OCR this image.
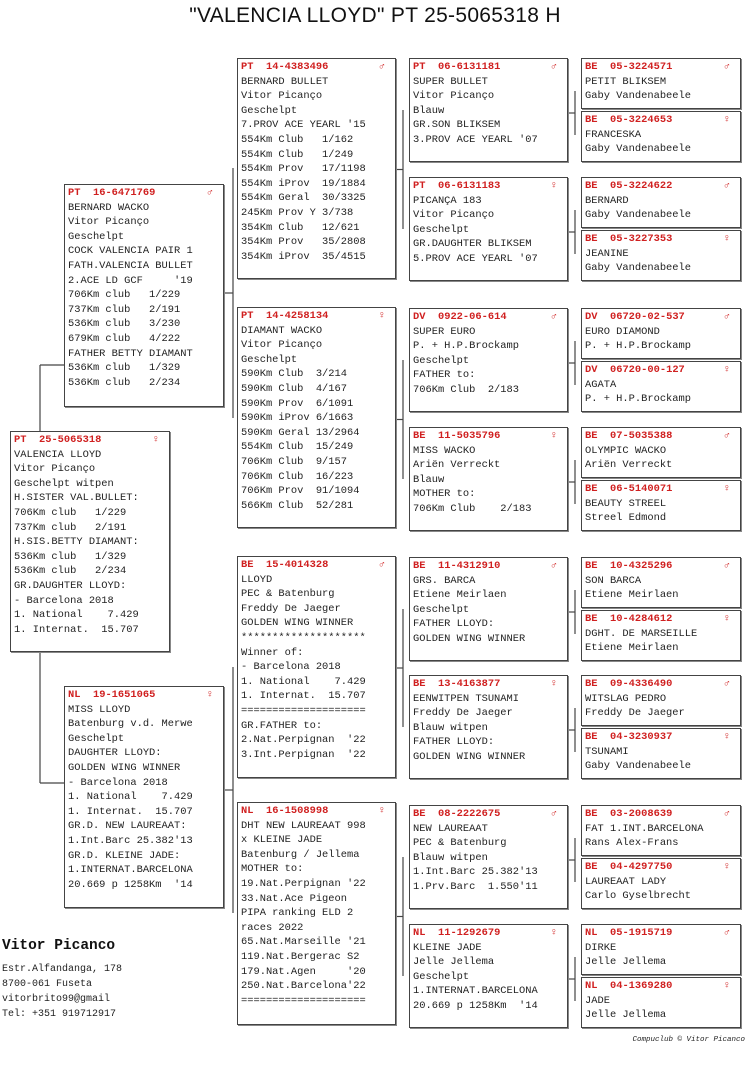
"VALENCIA LLOYD" PT 25-5065318 H
PT 25-5065318	♀
VALENCIA LLOYD
Vitor Picanço
Geschelpt witpen
H.SISTER VAL.BULLET:
706Km club   1/229
737Km club   2/191
H.SIS.BETTY DIAMANT:
536Km club   1/329
536Km club   2/234
GR.DAUGHTER LLOYD:
- Barcelona 2018
1. National    7.429
1. Internat.  15.707
PT 16-6471769	♂
BERNARD WACKO
Vitor Picanço
Geschelpt
COCK VALENCIA PAIR 1
FATH.VALENCIA BULLET
2.ACE LD GCF     '19
706Km club   1/229
737Km club   2/191
536Km club   3/230
679Km club   4/222
FATHER BETTY DIAMANT
536Km club   1/329
536Km club   2/234
NL 19-1651065	♀
MISS LLOYD
Batenburg v.d. Merwe
Geschelpt
DAUGHTER LLOYD:
GOLDEN WING WINNER
- Barcelona 2018
1. National    7.429
1. Internat.  15.707
GR.D. NEW LAUREAAT:
1.Int.Barc 25.382'13
GR.D. KLEINE JADE:
1.INTERNAT.BARCELONA
20.669 p 1258Km  '14
PT 14-4383496	♂
BERNARD BULLET
Vitor Picanço
Geschelpt
7.PROV ACE YEARL '15
554Km Club   1/162
554Km Club   1/249
554Km Prov   17/1198
554Km iProv  19/1884
554Km Geral  30/3325
245Km Prov Y 3/738
354Km Club   12/621
354Km Prov   35/2808
354Km iProv  35/4515
PT 14-4258134	♀
DIAMANT WACKO
Vitor Picanço
Geschelpt
590Km Club  3/214
590Km Club  4/167
590Km Prov  6/1091
590Km iProv 6/1663
590Km Geral 13/2964
554Km Club  15/249
706Km Club  9/157
706Km Club  16/223
706Km Prov  91/1094
566Km Club  52/281
BE 15-4014328	♂
LLOYD
PEC & Batenburg
Freddy De Jaeger
GOLDEN WING WINNER
********************
Winner of:
- Barcelona 2018
1. National    7.429
1. Internat.  15.707
====================
GR.FATHER to:
2.Nat.Perpignan  '22
3.Int.Perpignan  '22
NL 16-1508998	♀
DHT NEW LAUREAAT 998
x KLEINE JADE
Batenburg / Jellema
MOTHER to:
19.Nat.Perpignan '22
33.Nat.Ace Pigeon
PIPA ranking ELD 2
races 2022
65.Nat.Marseille '21
119.Nat.Bergerac S2
179.Nat.Agen     '20
250.Nat.Barcelona'22
====================
PT 06-6131181	♂
SUPER BULLET
Vitor Picanço
Blauw
GR.SON BLIKSEM
3.PROV ACE YEARL '07
PT 06-6131183	♀
PICANÇA 183
Vitor Picanço
Geschelpt
GR.DAUGHTER BLIKSEM
5.PROV ACE YEARL '07
DV 0922-06-614	♂
SUPER EURO
P. + H.P.Brockamp
Geschelpt
FATHER to:
706Km Club  2/183
BE 11-5035796	♀
MISS WACKO
Ariën Verreckt
Blauw
MOTHER to:
706Km Club    2/183
BE 11-4312910	♂
GRS. BARCA
Etiene Meirlaen
Geschelpt
FATHER LLOYD:
GOLDEN WING WINNER
BE 13-4163877	♀
EENWITPEN TSUNAMI
Freddy De Jaeger
Blauw witpen
FATHER LLOYD:
GOLDEN WING WINNER
BE 08-2222675	♂
NEW LAUREAAT
PEC & Batenburg
Blauw witpen
1.Int.Barc 25.382'13
1.Prv.Barc  1.550'11
NL 11-1292679	♀
KLEINE JADE
Jelle Jellema
Geschelpt
1.INTERNAT.BARCELONA
20.669 p 1258Km  '14
BE 05-3224571	♂
PETIT BLIKSEM
Gaby Vandenabeele
BE 05-3224653	♀
FRANCESKA
Gaby Vandenabeele
BE 05-3224622	♂
BERNARD
Gaby Vandenabeele
BE 05-3227353	♀
JEANINE
Gaby Vandenabeele
DV 06720-02-537	♂
EURO DIAMOND
P. + H.P.Brockamp
DV 06720-00-127	♀
AGATA
P. + H.P.Brockamp
BE 07-5035388	♂
OLYMPIC WACKO
Ariën Verreckt
BE 06-5140071	♀
BEAUTY STREEL
Streel Edmond
BE 10-4325296	♂
SON BARCA
Etiene Meirlaen
BE 10-4284612	♀
DGHT. DE MARSEILLE
Etiene Meirlaen
BE 09-4336490	♂
WITSLAG PEDRO
Freddy De Jaeger
BE 04-3230937	♀
TSUNAMI
Gaby Vandenabeele
BE 03-2008639	♂
FAT 1.INT.BARCELONA
Rans Alex-Frans
BE 04-4297750	♀
LAUREAAT LADY
Carlo Gyselbrecht
NL 05-1915719	♂
DIRKE
Jelle Jellema
NL 04-1369280	♀
JADE
Jelle Jellema
Vitor Picanco
Estr.Alfandanga, 178
8700-061 Fuseta
vitorbrito99@gmail
Tel: +351 919712917
Compuclub © Vitor Picanco
